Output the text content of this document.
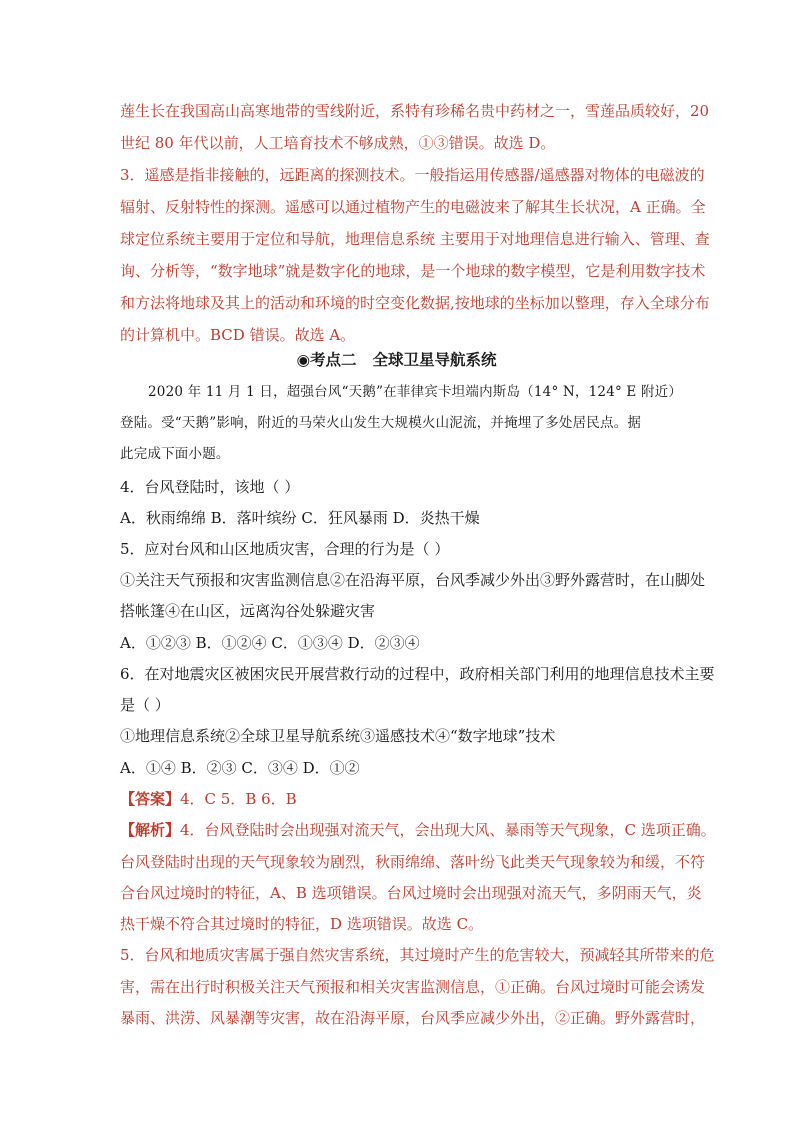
莲生长在我国高山高寒地带的雪线附近，系特有珍稀名贵中药材之一，雪莲品质较好，20
世纪 80 年代以前，人工培育技术不够成熟，①③错误。故选 D。
3．遥感是指非接触的，远距离的探测技术。一般指运用传感器/遥感器对物体的电磁波的
辐射、反射特性的探测。遥感可以通过植物产生的电磁波来了解其生长状况，A 正确。全
球定位系统主要用于定位和导航，地理信息系统 主要用于对地理信息进行输入、管理、查
询、分析等，“数字地球”就是数字化的地球，是一个地球的数字模型，它是利用数字技术
和方法将地球及其上的活动和环境的时空变化数据,按地球的坐标加以整理，存入全球分布
的计算机中。BCD 错误。故选 A。
◉考点二 全球卫星导航系统
2020 年 11 月 1 日，超强台风“天鹅”在菲律宾卡坦端内斯岛（14° N，124° E 附近）
登陆。受“天鹅”影响，附近的马荣火山发生大规模火山泥流，并掩埋了多处居民点。据
此完成下面小题。
4．台风登陆时，该地（ ）
A．秋雨绵绵 B．落叶缤纷 C．狂风暴雨 D．炎热干燥
5．应对台风和山区地质灾害，合理的行为是（ ）
①关注天气预报和灾害监测信息②在沿海平原，台风季减少外出③野外露营时，在山脚处
搭帐篷④在山区，远离沟谷处躲避灾害
A．①②③ B．①②④ C．①③④ D．②③④
6．在对地震灾区被困灾民开展营救行动的过程中，政府相关部门利用的地理信息技术主要
是（ ）
①地理信息系统②全球卫星导航系统③遥感技术④“数字地球”技术
A．①④ B．②③ C．③④ D．①②
【答案】4．C 5．B 6．B
【解析】4．台风登陆时会出现强对流天气，会出现大风、暴雨等天气现象，C 选项正确。
台风登陆时出现的天气现象较为剧烈，秋雨绵绵、落叶纷飞此类天气现象较为和缓，不符
合台风过境时的特征，A、B 选项错误。台风过境时会出现强对流天气，多阴雨天气，炎
热干燥不符合其过境时的特征，D 选项错误。故选 C。
5．台风和地质灾害属于强自然灾害系统，其过境时产生的危害较大，预减轻其所带来的危
害，需在出行时积极关注天气预报和相关灾害监测信息，①正确。台风过境时可能会诱发
暴雨、洪涝、风暴潮等灾害，故在沿海平原，台风季应减少外出，②正确。野外露营时，
